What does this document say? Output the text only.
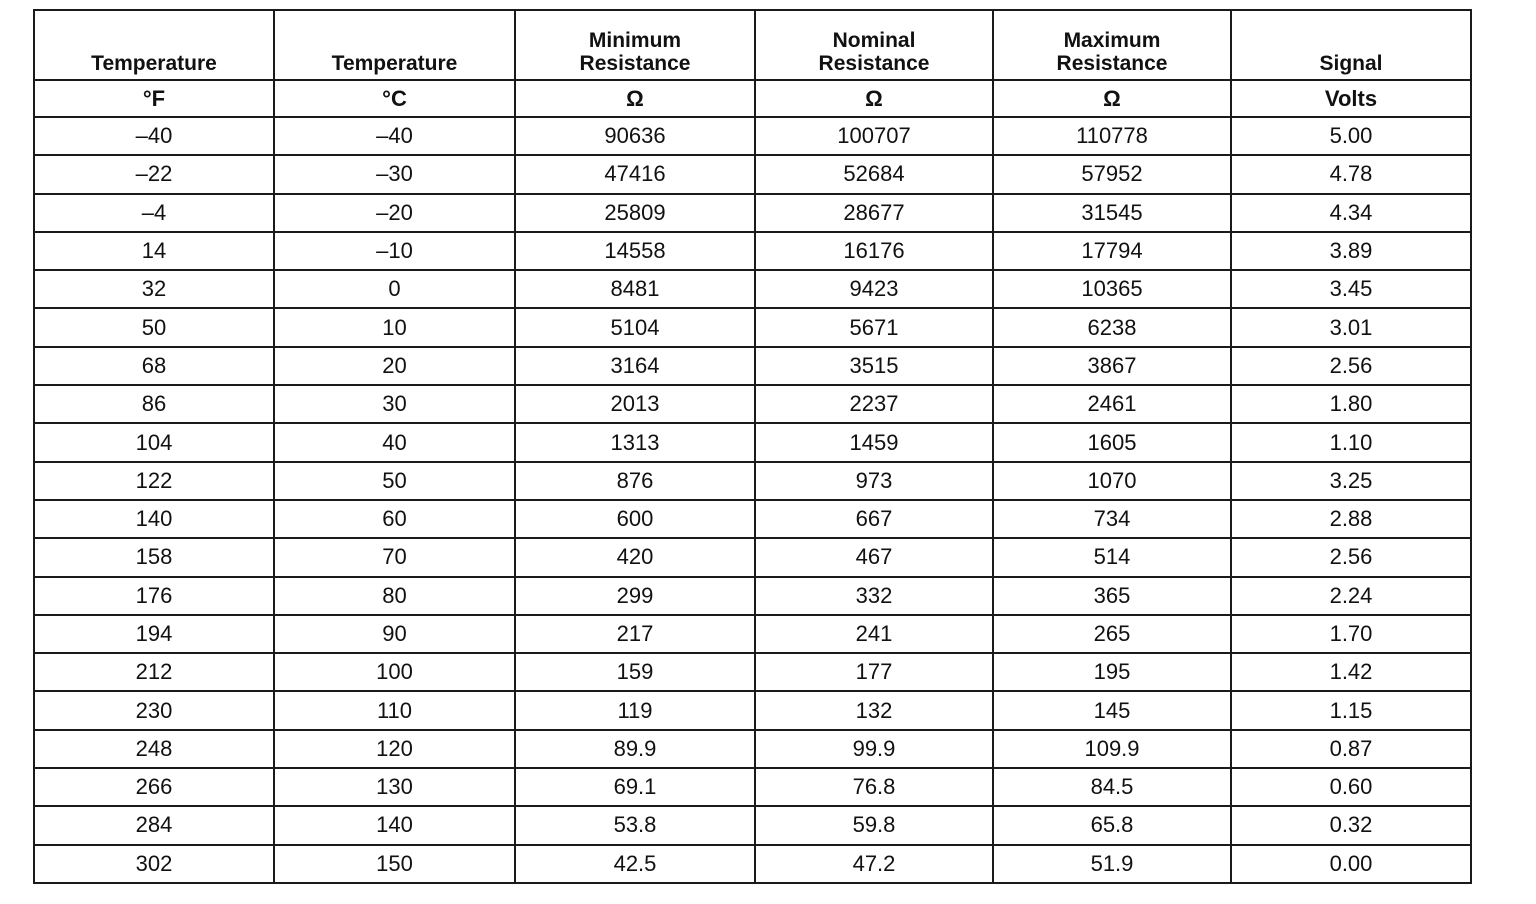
Temperature	Temperature	Minimum Resistance	Nominal Resistance	Maximum Resistance	Signal
°F	°C	Ω	Ω	Ω	Volts
–40	–40	90636	100707	110778	5.00
–22	–30	47416	52684	57952	4.78
–4	–20	25809	28677	31545	4.34
14	–10	14558	16176	17794	3.89
32	0	8481	9423	10365	3.45
50	10	5104	5671	6238	3.01
68	20	3164	3515	3867	2.56
86	30	2013	2237	2461	1.80
104	40	1313	1459	1605	1.10
122	50	876	973	1070	3.25
140	60	600	667	734	2.88
158	70	420	467	514	2.56
176	80	299	332	365	2.24
194	90	217	241	265	1.70
212	100	159	177	195	1.42
230	110	119	132	145	1.15
248	120	89.9	99.9	109.9	0.87
266	130	69.1	76.8	84.5	0.60
284	140	53.8	59.8	65.8	0.32
302	150	42.5	47.2	51.9	0.00
